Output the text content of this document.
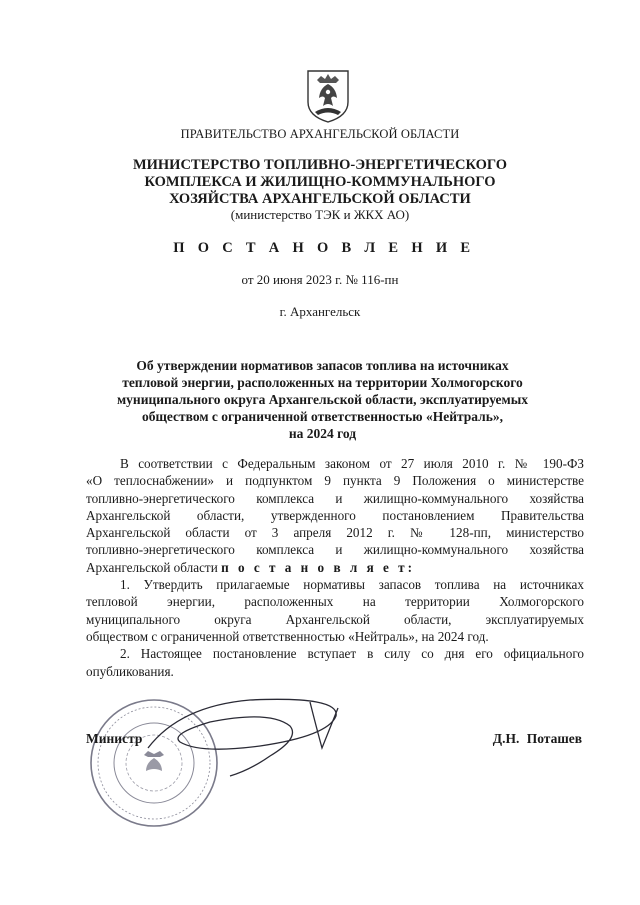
ПРАВИТЕЛЬСТВО АРХАНГЕЛЬСКОЙ ОБЛАСТИ
МИНИСТЕРСТВО ТОПЛИВНО-ЭНЕРГЕТИЧЕСКОГО
КОМПЛЕКСА И ЖИЛИЩНО-КОММУНАЛЬНОГО
ХОЗЯЙСТВА АРХАНГЕЛЬСКОЙ ОБЛАСТИ
(министерство ТЭК и ЖКХ АО)
П О С Т А Н О В Л Е Н И Е
от 20 июня 2023 г. № 116-пн
г. Архангельск
Об утверждении нормативов запасов топлива на источниках
тепловой энергии, расположенных на территории Холмогорского
муниципального округа Архангельской области, эксплуатируемых
обществом с ограниченной ответственностью «Нейтраль»,
на 2024 год

В соответствии с Федеральным законом от 27 июля 2010 г. № 190-ФЗ

«О теплоснабжении» и подпунктом 9 пункта 9 Положения о министерстве

топливно-энергетического комплекса и жилищно-коммунального хозяйства

Архангельской области, утвержденного постановлением Правительства

Архангельской области от 3 апреля 2012 г. № 128-пп, министерство

топливно-энергетического комплекса и жилищно-коммунального хозяйства

Архангельской области п о с т а н о в л я е т:

1. Утвердить прилагаемые нормативы запасов топлива на источниках

тепловой энергии, расположенных на территории Холмогорского

муниципального округа Архангельской области, эксплуатируемых

обществом с ограниченной ответственностью «Нейтраль», на 2024 год.

2. Настоящее постановление вступает в силу со дня его официального

опубликования.

Министр	Д.Н. Поташев
